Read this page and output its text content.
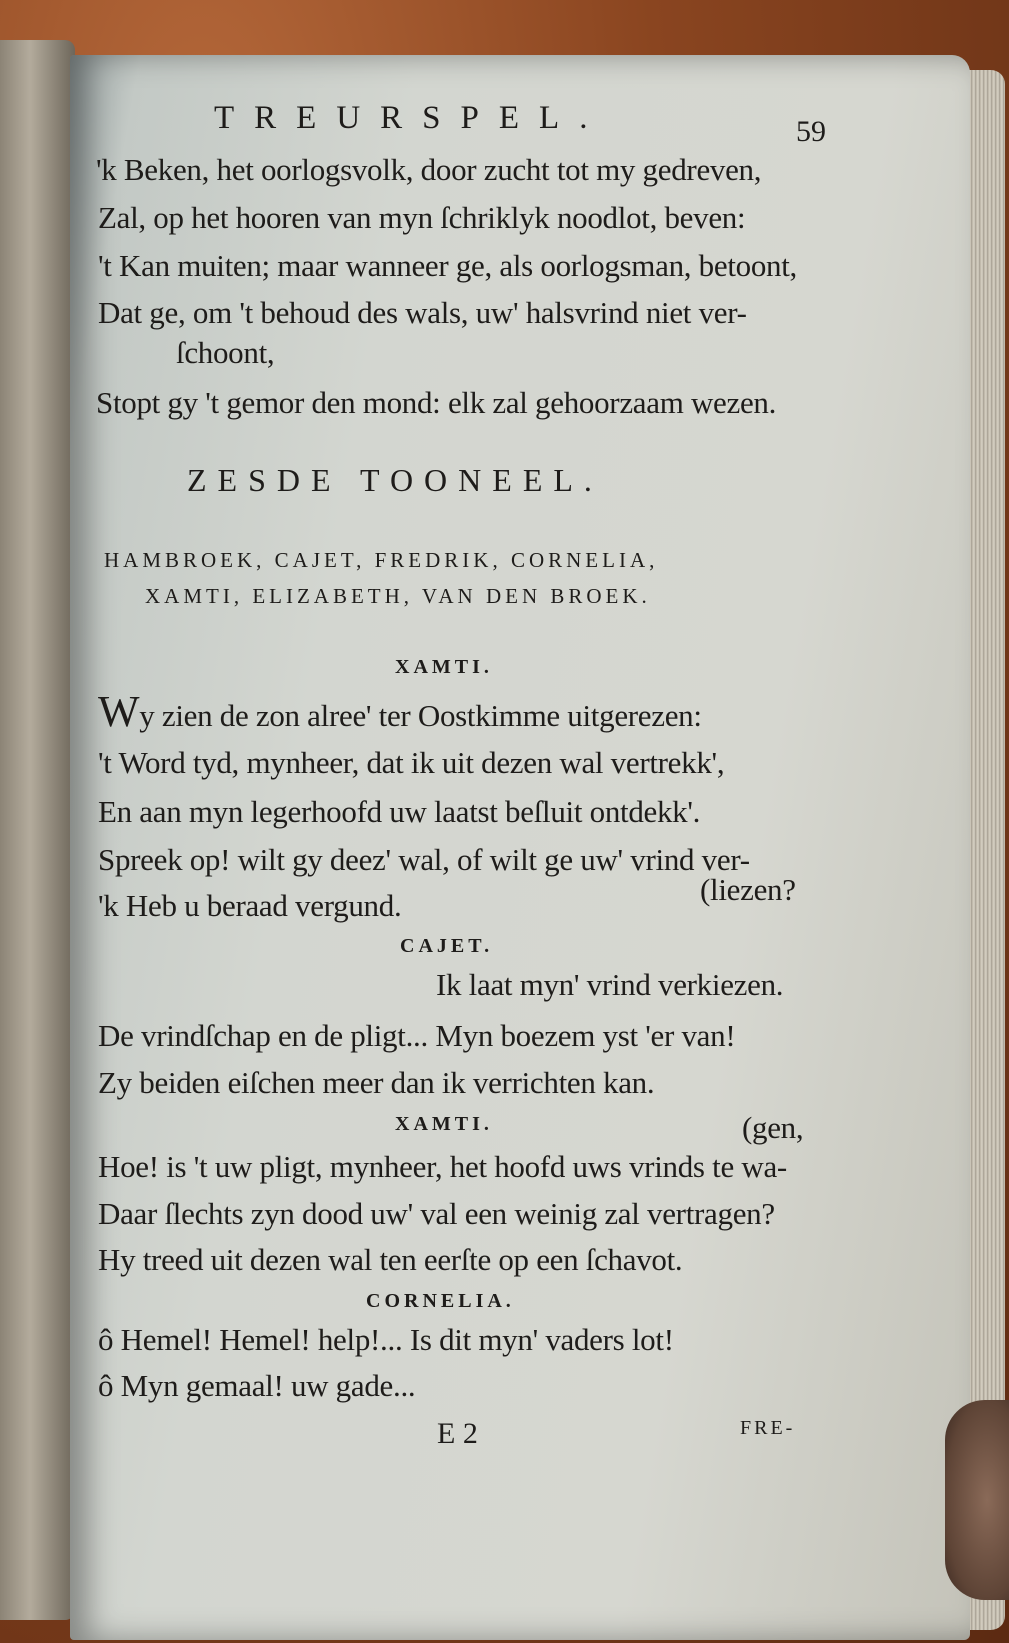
TREURSPEL.	59
'k Beken, het oorlogsvolk, door zucht tot my gedreven,
Zal, op het hooren van myn ſchriklyk noodlot, beven:
't Kan muiten; maar wanneer ge, als oorlogsman, betoont,
Dat ge, om 't behoud des wals, uw' halsvrind niet ver-
ſchoont,
Stopt gy 't gemor den mond: elk zal gehoorzaam wezen.
ZESDE TOONEEL.
HAMBROEK, CAJET, FREDRIK, CORNELIA,
XAMTI, ELIZABETH, VAN DEN BROEK.
XAMTI.
Wy zien de zon alree' ter Oostkimme uitgerezen:
't Word tyd, mynheer, dat ik uit dezen wal vertrekk',
En aan myn legerhoofd uw laatst beſluit ontdekk'.
Spreek op! wilt gy deez' wal, of wilt ge uw' vrind ver-
'k Heb u beraad vergund.	(liezen?
CAJET.
Ik laat myn' vrind verkiezen.
De vrindſchap en de pligt... Myn boezem yst 'er van!
Zy beiden eiſchen meer dan ik verrichten kan.
XAMTI.	(gen,
Hoe! is 't uw pligt, mynheer, het hoofd uws vrinds te wa-
Daar ſlechts zyn dood uw' val een weinig zal vertragen?
Hy treed uit dezen wal ten eerſte op een ſchavot.
CORNELIA.
ô Hemel! Hemel! help!... Is dit myn' vaders lot!
ô Myn gemaal! uw gade...
E 2	FRE-
